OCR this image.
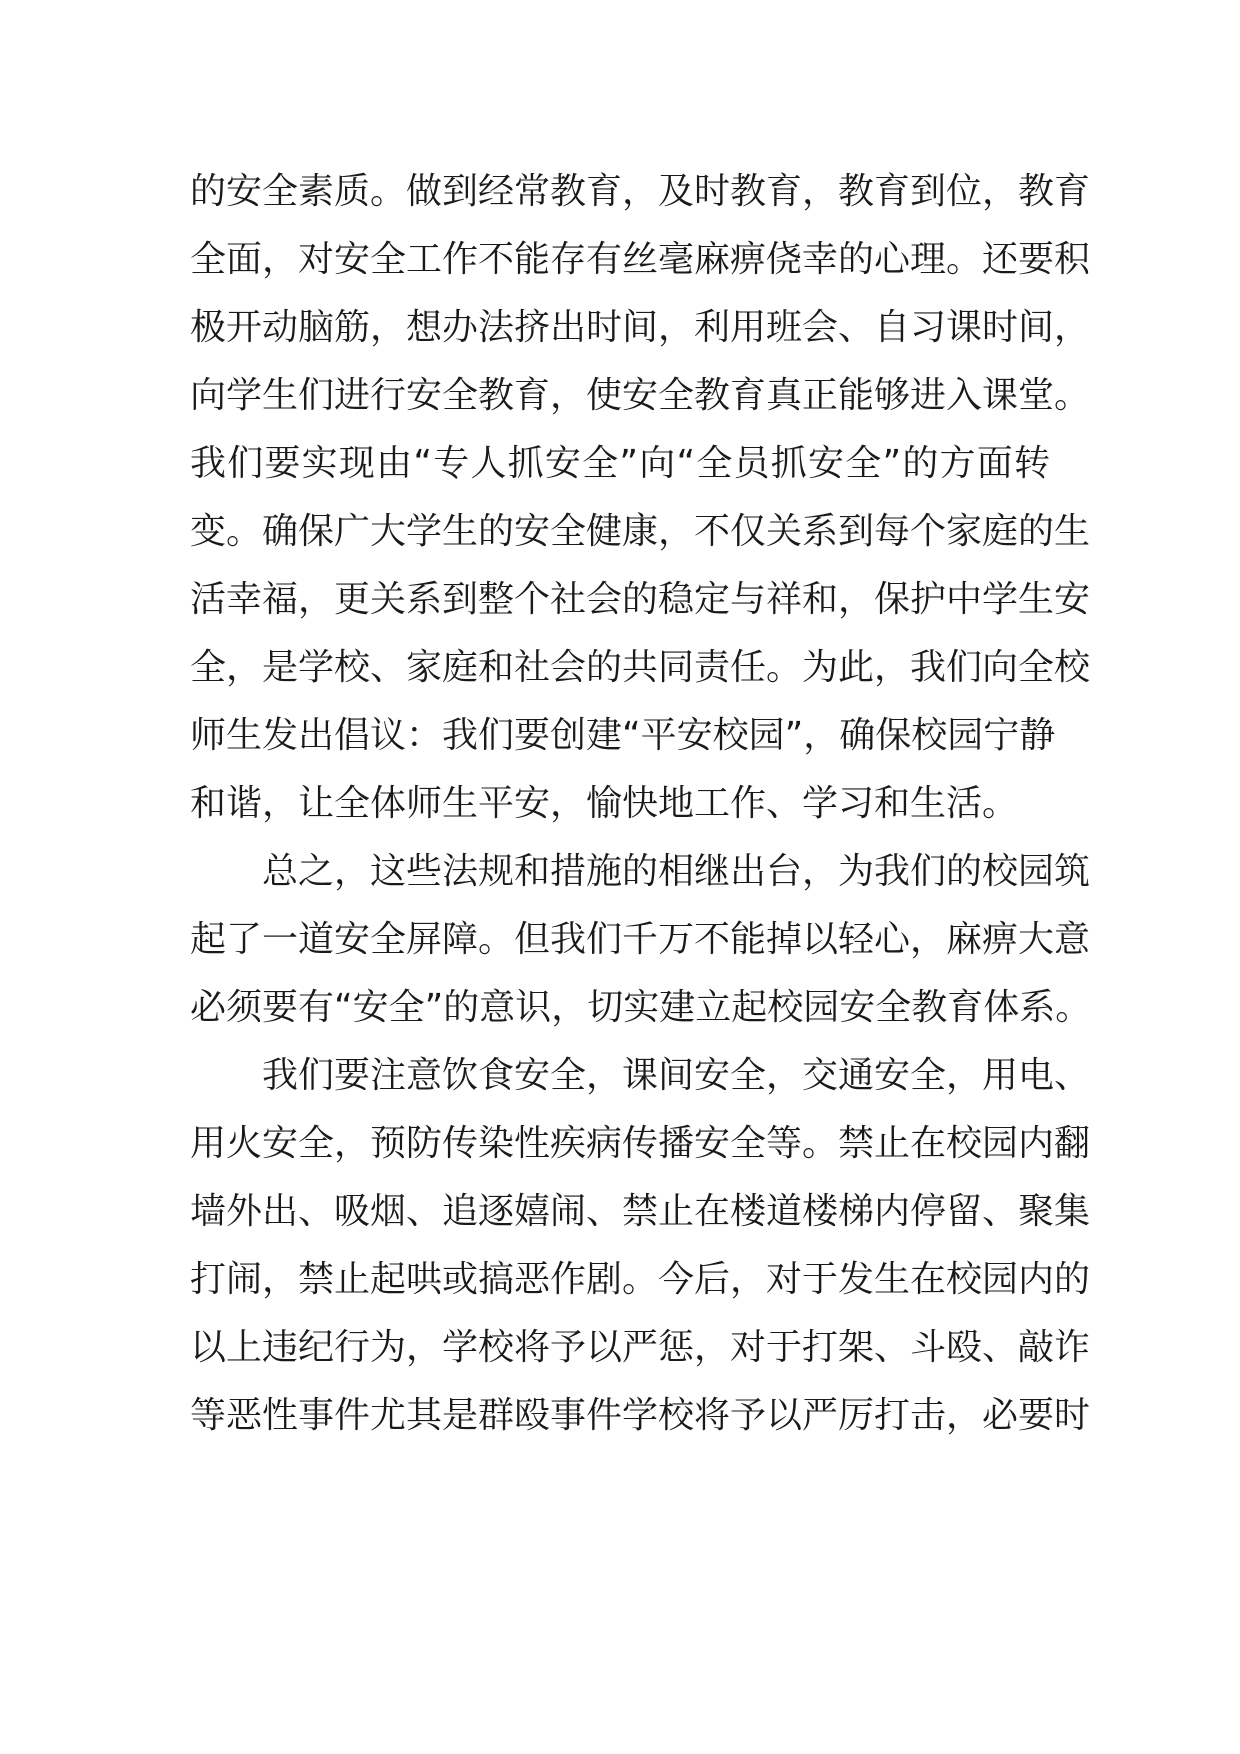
的安全素质。做到经常教育，及时教育，教育到位，教育
全面，对安全工作不能存有丝毫麻痹侥幸的心理。还要积
极开动脑筋，想办法挤出时间，利用班会、自习课时间，
向学生们进行安全教育，使安全教育真正能够进入课堂。
我们要实现由“专人抓安全”向“全员抓安全”的方面转
变。确保广大学生的安全健康，不仅关系到每个家庭的生
活幸福，更关系到整个社会的稳定与祥和，保护中学生安
全，是学校、家庭和社会的共同责任。为此，我们向全校
师生发出倡议：我们要创建“平安校园”，确保校园宁静
和谐，让全体师生平安，愉快地工作、学习和生活。
总之，这些法规和措施的相继出台，为我们的校园筑
起了一道安全屏障。但我们千万不能掉以轻心，麻痹大意
必须要有“安全”的意识，切实建立起校园安全教育体系。
我们要注意饮食安全，课间安全，交通安全，用电、
用火安全，预防传染性疾病传播安全等。禁止在校园内翻
墙外出、吸烟、追逐嬉闹、禁止在楼道楼梯内停留、聚集
打闹，禁止起哄或搞恶作剧。今后，对于发生在校园内的
以上违纪行为，学校将予以严惩，对于打架、斗殴、敲诈
等恶性事件尤其是群殴事件学校将予以严厉打击，必要时
